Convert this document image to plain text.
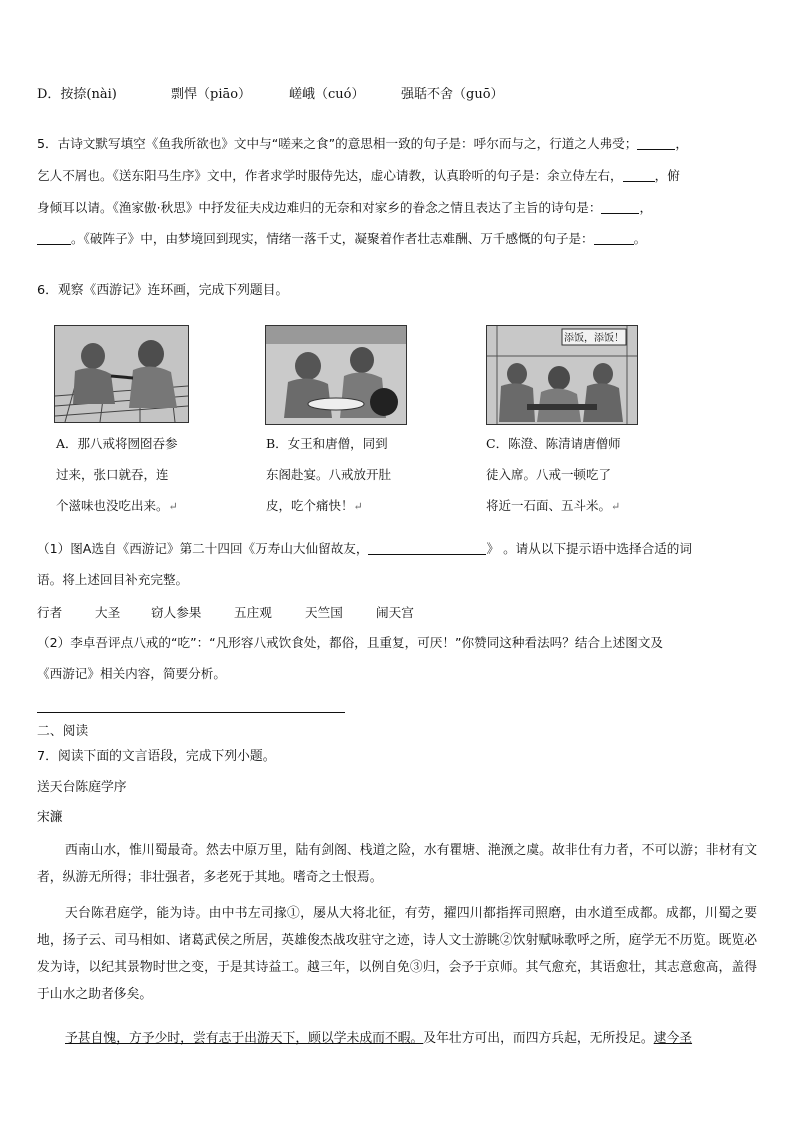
D．按捺(nài)	剽悍（piāo）	嵯峨（cuó）	强聒不舍（guō）
5．古诗文默写填空《鱼我所欲也》文中与“嗟来之食”的意思相一致的句子是：呼尔而与之，行道之人弗受；	，
乞人不屑也。《送东阳马生序》文中，作者求学时服侍先达，虚心请教，认真聆听的句子是：余立侍左右，	，俯
身倾耳以请。《渔家傲·秋思》中抒发征夫戍边难归的无奈和对家乡的眷念之情且表达了主旨的诗句是：	，
。《破阵子》中，由梦境回到现实，情绪一落千丈，凝聚着作者壮志难酬、万千感慨的句子是：	。
6．观察《西游记》连环画，完成下列题目。
添饭，添饭！
A．那八戒将囫囵吞参
过来，张口就吞，连
个滋味也没吃出来。↵
B．女王和唐僧，同到
东阁赴宴。八戒放开肚
皮，吃个痛快！↵
C．陈澄、陈清请唐僧师
徒入席。八戒一顿吃了
将近一石面、五斗米。↵
（1）图A选自《西游记》第二十四回《万寿山大仙留故友，	》 。请从以下提示语中选择合适的词
语。将上述回目补充完整。
行者	大圣 窃人参果	五庄观	天竺国	闹天宫
（2）李卓吾评点八戒的“吃”：“凡形容八戒饮食处，都俗，且重复，可厌！”你赞同这种看法吗？结合上述图文及
《西游记》相关内容，简要分析。
二、阅读
7．阅读下面的文言语段，完成下列小题。
送天台陈庭学序
宋濂
西南山水，惟川蜀最奇。然去中原万里，陆有剑阁、栈道之险，水有瞿塘、滟滪之虞。故非仕有力者，不可以游；非材有文者，纵游无所得；非壮强者，多老死于其地。嗜奇之士恨焉。
天台陈君庭学，能为诗。由中书左司掾①，屡从大将北征，有劳，擢四川都指挥司照磨，由水道至成都。成都，川蜀之要地，扬子云、司马相如、诸葛武侯之所居，英雄俊杰战攻驻守之迹，诗人文士游眺②饮射赋咏歌呼之所，庭学无不历览。既览必发为诗，以纪其景物时世之变，于是其诗益工。越三年，以例自免③归，会予于京师。其气愈充，其语愈壮，其志意愈高，盖得于山水之助者侈矣。
予甚自愧，方予少时，尝有志于出游天下，顾以学未成而不暇。及年壮方可出，而四方兵起，无所投足。逮今圣
